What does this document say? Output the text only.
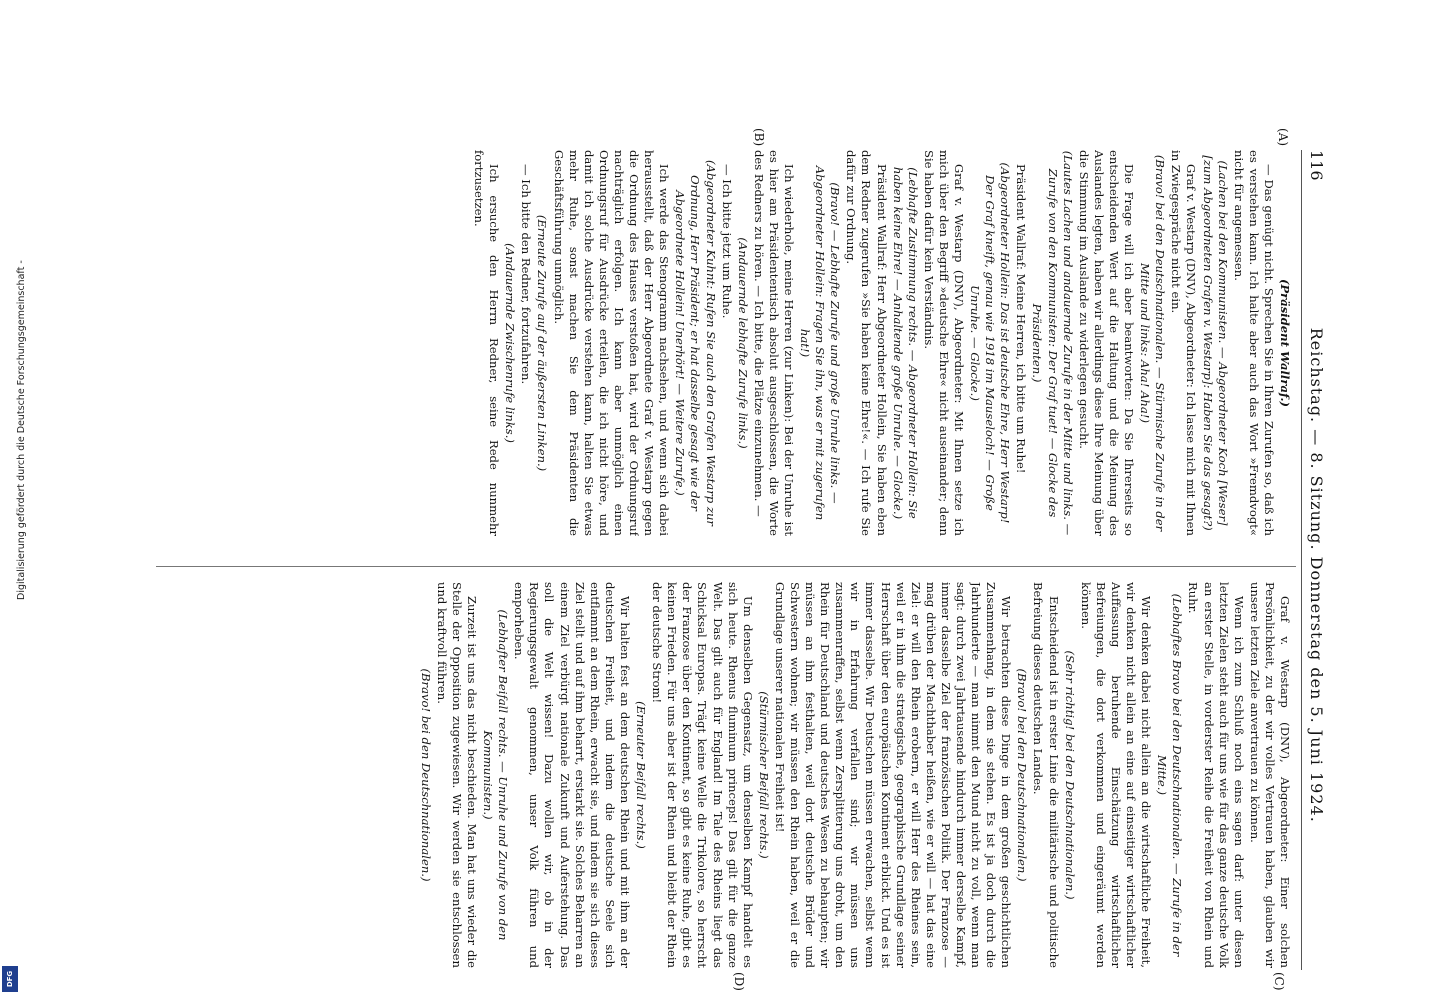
116
Reichstag. — 8. Sitzung. Donnerstag den 5. Juni 1924.

(Präsident Wallraf.)

— Das genügt nicht. Sprechen Sie in Ihren Zurufen so, daß ich es verstehen kann. Ich halte aber auch das Wort »Fremdvogt« nicht für angemessen.

(Lachen bei den Kommunisten. — Abgeordneter Koch [Weser] [zum Abgeordneten Grafen v. Westarp]: Haben Sie das gesagt?)

Graf v. Westarp (DNV), Abgeordneter: Ich lasse mich mit Ihnen in Zwiegespräche nicht ein.

(Bravo! bei den Deutschnationalen. — Stürmische Zurufe in der Mitte und links: Aha! Aha!)

Die Frage will ich aber beantworten: Da Sie Ihrerseits so entscheidenden Wert auf die Haltung und die Meinung des Auslandes legten, haben wir allerdings diese Ihre Meinung über die Stimmung im Auslande zu widerlegen gesucht.

(Lautes Lachen und andauernde Zurufe in der Mitte und links. — Zurufe von den Kommunisten: Der Graf tuet! — Glocke des Präsidenten.)

Präsident Wallraf: Meine Herren, ich bitte um Ruhe!

(Abgeordneter Hollein: Das ist deutsche Ehre, Herr Westarp! Der Graf kneift, genau wie 1918 im Mauseloch! — Große Unruhe. — Glocke.)

Graf v. Westarp (DNV), Abgeordneter: Mit Ihnen setze ich mich über den Begriff »deutsche Ehre« nicht auseinander; denn Sie haben dafür kein Verständnis.

(Lebhafte Zustimmung rechts. — Abgeordneter Hollein: Sie haben keine Ehre! — Anhaltende große Unruhe. — Glocke.)

Präsident Wallraf: Herr Abgeordneter Hollein, Sie haben eben dem Redner zugerufen »Sie haben keine Ehre!«. — Ich rufe Sie dafür zur Ordnung.

(Bravo! — Lebhafte Zurufe und große Unruhe links. — Abgeordneter Hollein: Fragen Sie ihn, was er mit zugerufen hat!)

Ich wiederhole, meine Herren (zur Linken): Bei der Unruhe ist es hier am Präsidententisch absolut ausgeschlossen, die Worte des Redners zu hören. — Ich bitte, die Plätze einzunehmen. —

(Andauernde lebhafte Zurufe links.)

— Ich bitte jetzt um Ruhe.

(Abgeordneter Kuhnt: Rufen Sie auch den Grafen Westarp zur Ordnung, Herr Präsident; er hat dasselbe gesagt wie der Abgeordnete Hollein! Unerhört! — Weitere Zurufe.)

Ich werde das Stenogramm nachsehen, und wenn sich dabei herausstellt, daß der Herr Abgeordnete Graf v. Westarp gegen die Ordnung des Hauses verstoßen hat, wird der Ordnungsruf nachträglich erfolgen. Ich kann aber unmöglich einen Ordnungsruf für Ausdrücke erteilen, die ich nicht höre, und damit ich solche Ausdrücke verstehen kann, halten Sie etwas mehr Ruhe, sonst machen Sie dem Präsidenten die Geschäftsführung unmöglich.

(Erneute Zurufe auf der äußersten Linken.)

— Ich bitte den Redner, fortzufahren.

(Andauernde Zwischenrufe links.)

Ich ersuche den Herrn Redner, seine Rede nunmehr fortzusetzen.

Graf v. Westarp (DNV), Abgeordneter: Einer solchen Persönlichkeit, zu der wir volles Vertrauen haben, glauben wir unsere letzten Ziele anvertrauen zu können.

Wenn ich zum Schluß noch eins sagen darf: unter diesen letzten Zielen steht auch für uns wie für das ganze deutsche Volk an erster Stelle, in vorderster Reihe die Freiheit von Rhein und Ruhr.

(Lebhaftes Bravo bei den Deutschnationalen. — Zurufe in der Mitte.)

Wir denken dabei nicht allein an die wirtschaftliche Freiheit, wir denken nicht allein an eine auf einseitiger wirtschaftlicher Auffassung beruhende Einschätzung wirtschaftlicher Befreiungen, die dort verkommen und eingeräumt werden können.

(Sehr richtig! bei den Deutschnationalen.)

Entscheidend ist in erster Linie die militärische und politische Befreiung dieses deutschen Landes.

(Bravo! bei den Deutschnationalen.)

Wir betrachten diese Dinge in dem großen geschichtlichen Zusammenhang, in dem sie stehen. Es ist ja doch durch die Jahrhunderte — man nimmt den Mund nicht zu voll, wenn man sagt: durch zwei Jahrtausende hindurch immer derselbe Kampf, immer dasselbe Ziel der französischen Politik. Der Franzose — mag drüben der Machthaber heißen, wie er will — hat das eine Ziel: er will den Rhein erobern, er will Herr des Rheines sein, weil er in ihm die strategische, geographische Grundlage seiner Herrschaft über den europäischen Kontinent erblickt. Und es ist immer dasselbe. Wir Deutschen müssen erwachen, selbst wenn wir in Erfahrung verfallen sind; wir müssen uns zusammenraffen, selbst wenn Zersplitterung uns droht, um den Rhein für Deutschland und deutsches Wesen zu behaupten; wir müssen an ihm festhalten, weil dort deutsche Brüder und Schwestern wohnen; wir müssen den Rhein haben, weil er die Grundlage unserer nationalen Freiheit ist!

(Stürmischer Beifall rechts.)

Um denselben Gegensatz, um denselben Kampf handelt es sich heute. Rhenus fluminum princeps! Das gilt für die ganze Welt. Das gilt auch für England! Im Tale des Rheins liegt das Schicksal Europas. Trägt keine Welle die Trikolore, so herrscht der Franzose über den Kontinent, so gibt es keine Ruhe, gibt es keinen Frieden. Für uns aber ist der Rhein und bleibt der Rhein der deutsche Strom!

(Erneuter Beifall rechts.)

Wir halten fest an dem deutschen Rhein und mit ihm an der deutschen Freiheit, und indem die deutsche Seele sich entflammt an dem Rhein, erwacht sie, und indem sie sich dieses Ziel stellt und auf ihm beharrt, erstarkt sie. Solches Beharren an einem Ziel verbürgt nationale Zukunft und Auferstehung. Das soll die Welt wissen! Dazu wollen wir, ob in der Regierungsgewalt genommen, unser Volk führen und emporheben.

(Lebhafter Beifall rechts. — Unruhe und Zurufe von den Kommunisten.)

Zurzeit ist uns das nicht beschieden. Man hat uns wieder die Stelle der Opposition zugewiesen. Wir werden sie entschlossen und kraftvoll führen.

(Bravo! bei den Deutschnationalen.)

(A)
(B)
(C)
(D)
Digitalisierung gefördert durch die Deutsche Forschungsgemeinschaft -
DFG
